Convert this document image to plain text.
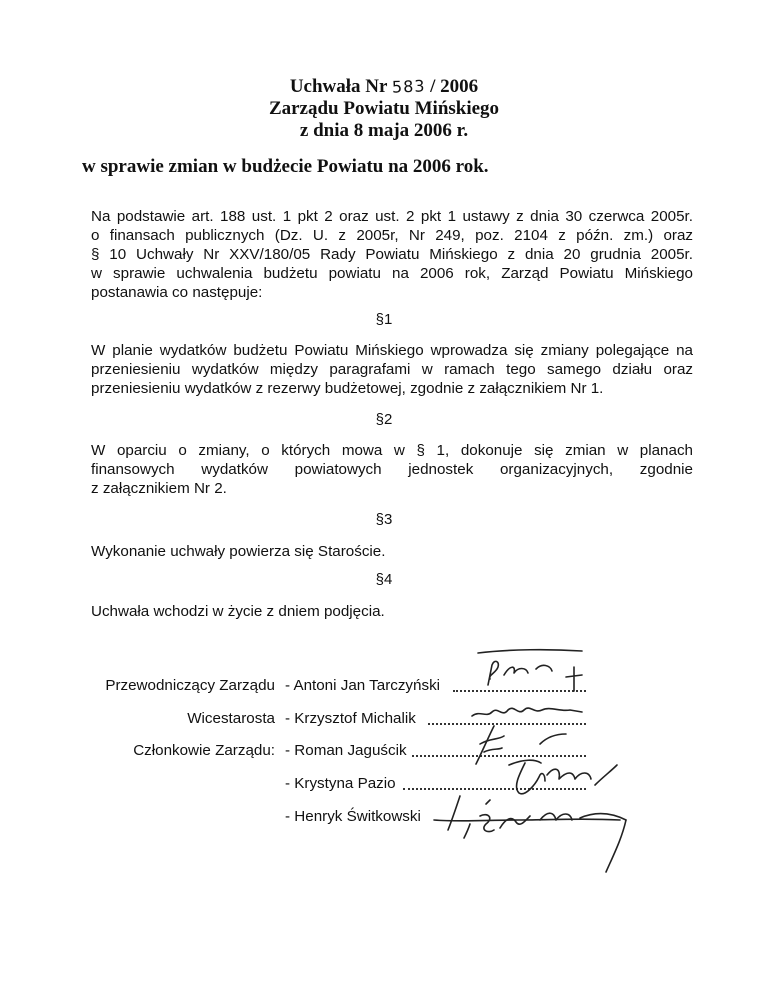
Uchwała Nr 583 / 2006
Zarządu Powiatu Mińskiego
z dnia 8 maja 2006 r.
w sprawie zmian w budżecie Powiatu na 2006 rok.
Na podstawie art. 188 ust. 1 pkt 2 oraz ust. 2 pkt 1 ustawy z dnia 30 czerwca 2005r.
o finansach publicznych (Dz. U. z 2005r, Nr 249, poz. 2104 z późn. zm.) oraz
§ 10 Uchwały Nr XXV/180/05 Rady Powiatu Mińskiego z dnia 20 grudnia 2005r.
w sprawie uchwalenia budżetu powiatu na 2006 rok, Zarząd Powiatu Mińskiego
postanawia co następuje:
§1
W planie wydatków budżetu Powiatu Mińskiego wprowadza się zmiany polegające na
przeniesieniu wydatków między paragrafami w ramach tego samego działu oraz
przeniesieniu wydatków z rezerwy budżetowej, zgodnie z załącznikiem Nr 1.
§2
W oparciu o zmiany, o których mowa w § 1, dokonuje się zmian w planach
finansowych wydatków powiatowych jednostek organizacyjnych, zgodnie
z załącznikiem Nr 2.
§3
Wykonanie uchwały powierza się Staroście.
§4
Uchwała wchodzi w życie z dniem podjęcia.
Przewodniczący Zarządu - Antoni Jan Tarczyński
Wicestarosta - Krzysztof Michalik
Członkowie Zarządu: - Roman Jaguścik
- Krystyna Pazio
- Henryk Świtkowski
